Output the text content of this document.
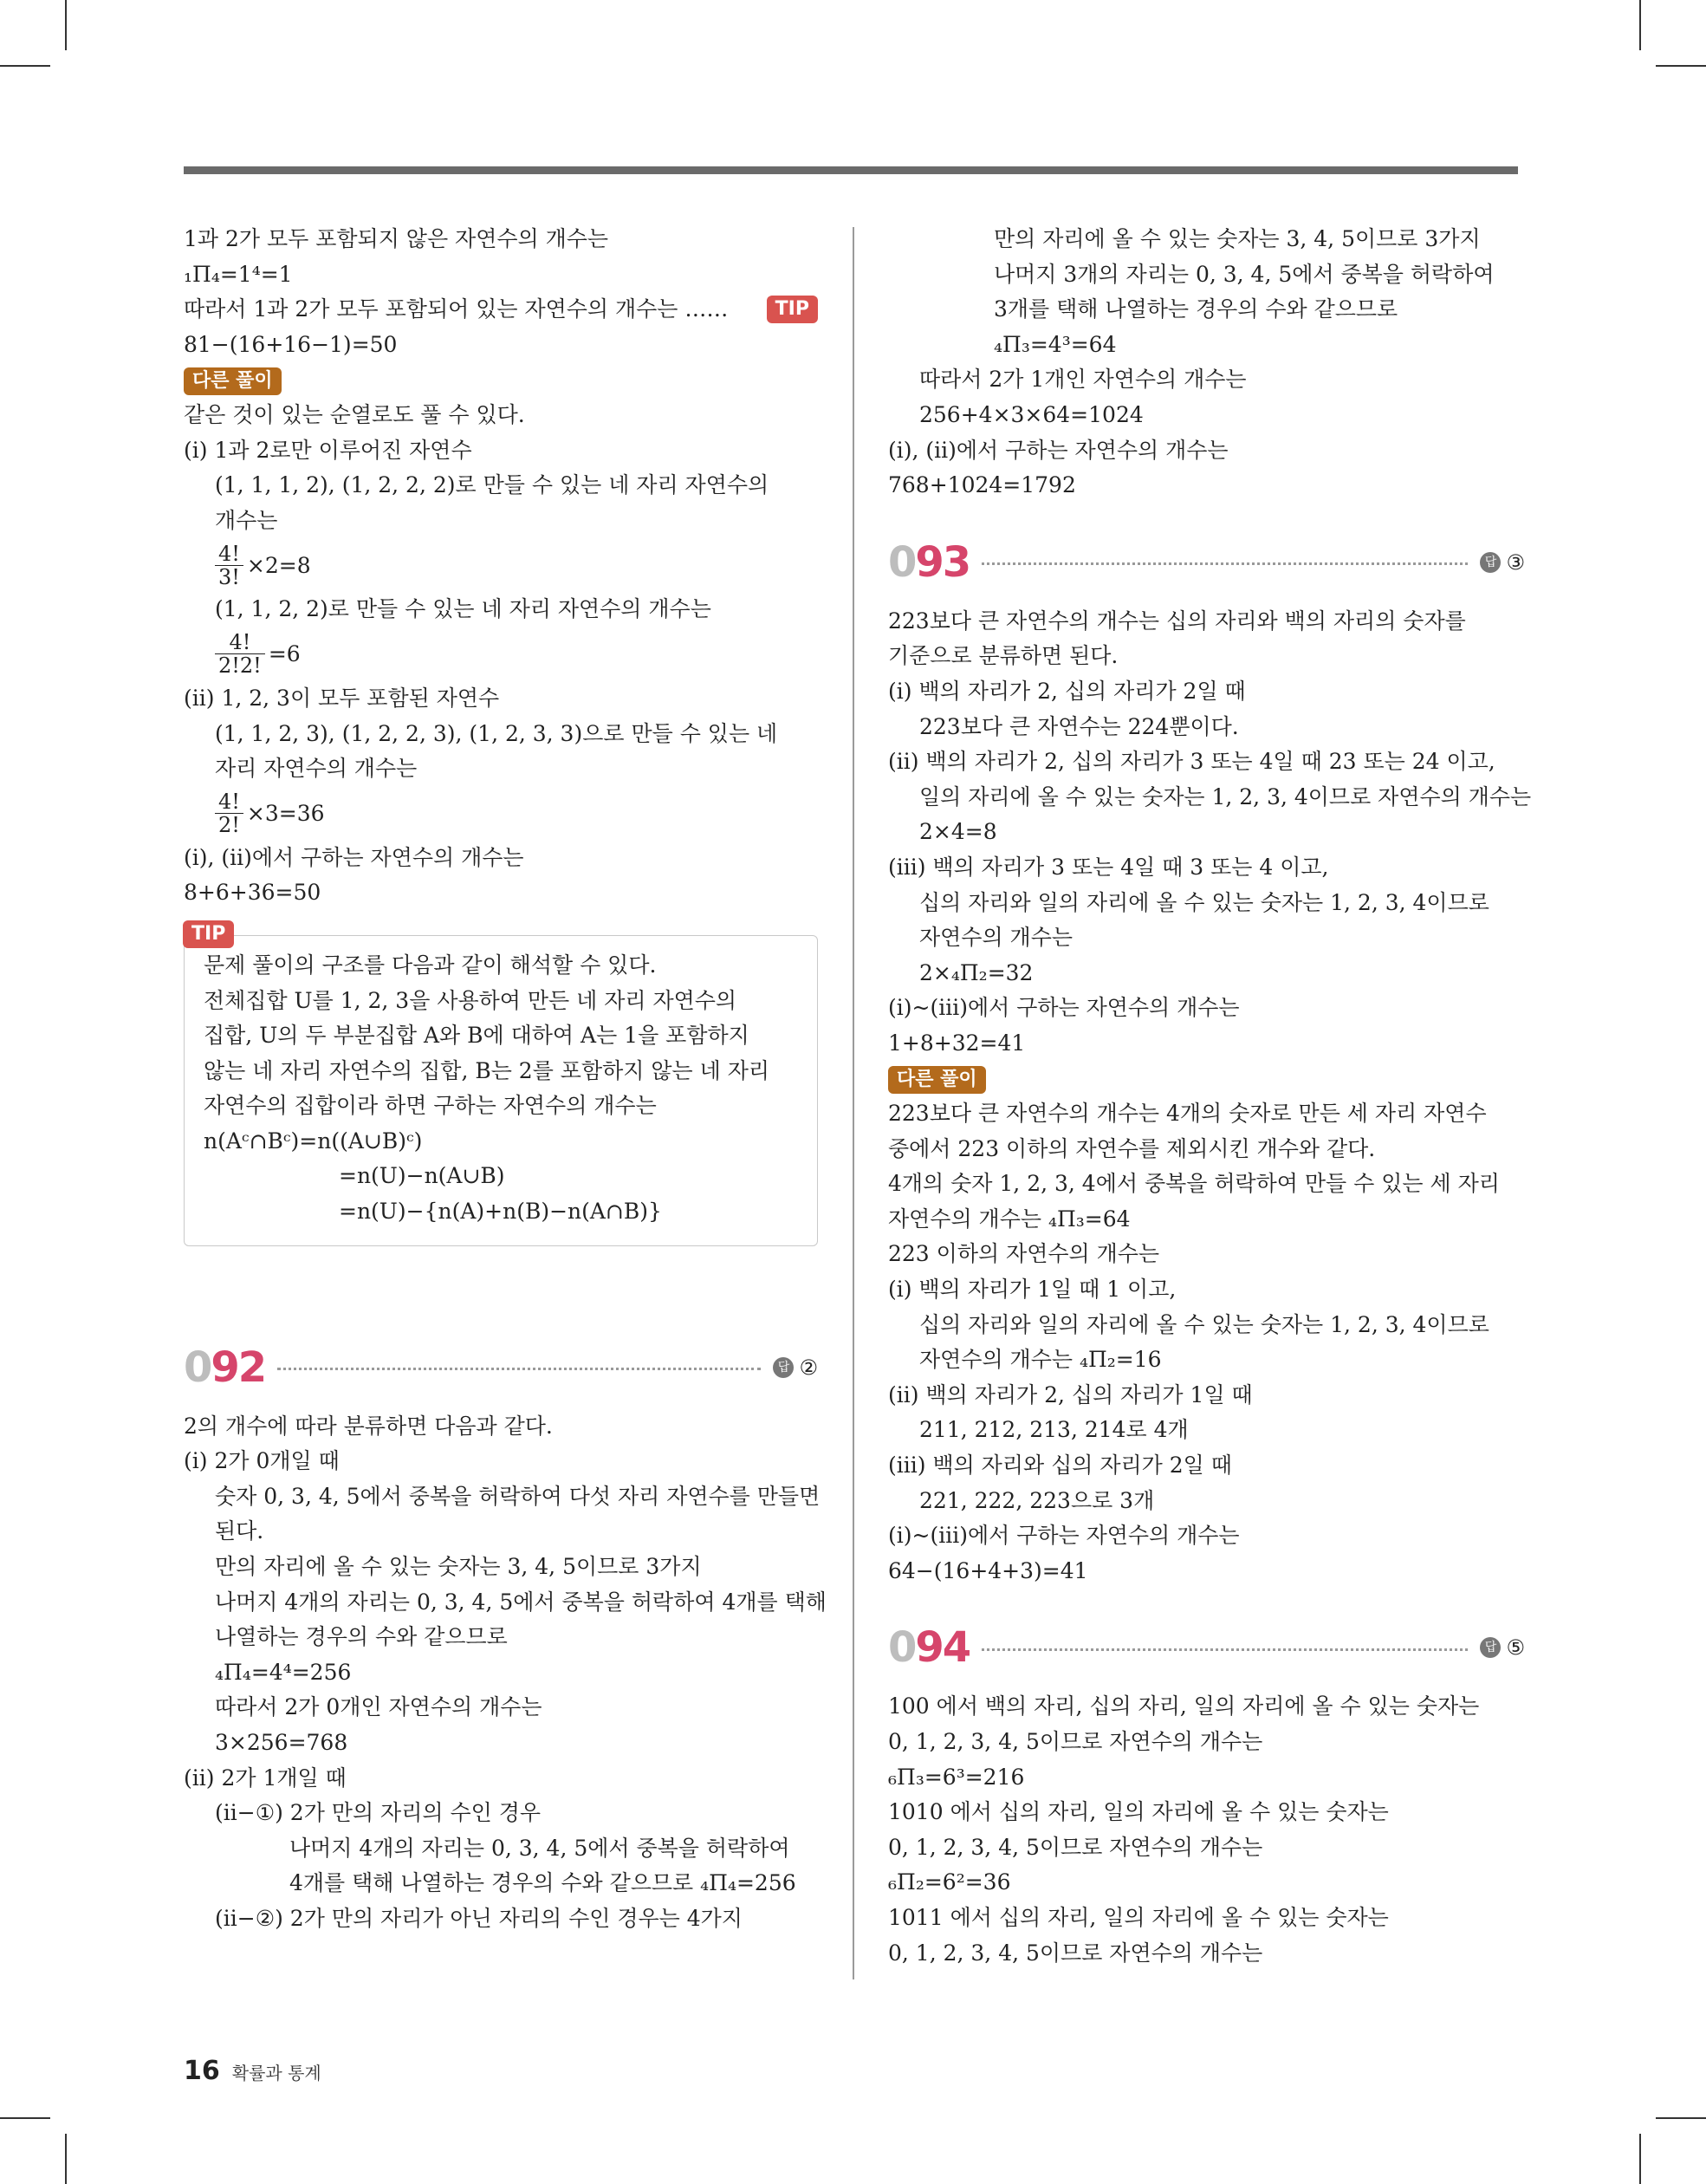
1과 2가 모두 포함되지 않은 자연수의 개수는
₁Π₄=1⁴=1
따라서 1과 2가 모두 포함되어 있는 자연수의 개수는 ……	TIP
81−(16+16−1)=50
다른 풀이
같은 것이 있는 순열로도 풀 수 있다.
(ⅰ) 1과 2로만 이루어진 자연수
(1, 1, 1, 2), (1, 2, 2, 2)로 만들 수 있는 네 자리 자연수의
개수는
$\frac{4!}{3!} \times 2=8$
(1, 1, 2, 2)로 만들 수 있는 네 자리 자연수의 개수는
$\frac{4!}{2!2!} =6$
(ⅱ) 1, 2, 3이 모두 포함된 자연수
(1, 1, 2, 3), (1, 2, 2, 3), (1, 2, 3, 3)으로 만들 수 있는 네
자리 자연수의 개수는
$\frac{4!}{2!} \times 3=36$
(ⅰ), (ⅱ)에서 구하는 자연수의 개수는
8+6+36=50
TIP
문제 풀이의 구조를 다음과 같이 해석할 수 있다.
전체집합 U를 1, 2, 3을 사용하여 만든 네 자리 자연수의
집합, U의 두 부분집합 A와 B에 대하여 A는 1을 포함하지
않는 네 자리 자연수의 집합, B는 2를 포함하지 않는 네 자리
자연수의 집합이라 하면 구하는 자연수의 개수는
n(Aᶜ∩Bᶜ)=n((A∪B)ᶜ)
=n(U)−n(A∪B)
=n(U)−{n(A)+n(B)−n(A∩B)}
092	답 ②
2의 개수에 따라 분류하면 다음과 같다.
(ⅰ) 2가 0개일 때
숫자 0, 3, 4, 5에서 중복을 허락하여 다섯 자리 자연수를 만들면
된다.
만의 자리에 올 수 있는 숫자는 3, 4, 5이므로 3가지
나머지 4개의 자리는 0, 3, 4, 5에서 중복을 허락하여 4개를 택해
나열하는 경우의 수와 같으므로
₄Π₄=4⁴=256
따라서 2가 0개인 자연수의 개수는
3×256=768
(ⅱ) 2가 1개일 때
(ⅱ−①) 2가 만의 자리의 수인 경우
나머지 4개의 자리는 0, 3, 4, 5에서 중복을 허락하여
4개를 택해 나열하는 경우의 수와 같으므로 ₄Π₄=256
(ⅱ−②) 2가 만의 자리가 아닌 자리의 수인 경우는 4가지
만의 자리에 올 수 있는 숫자는 3, 4, 5이므로 3가지
나머지 3개의 자리는 0, 3, 4, 5에서 중복을 허락하여
3개를 택해 나열하는 경우의 수와 같으므로
₄Π₃=4³=64
따라서 2가 1개인 자연수의 개수는
256+4×3×64=1024
(ⅰ), (ⅱ)에서 구하는 자연수의 개수는
768+1024=1792
093	답 ③
223보다 큰 자연수의 개수는 십의 자리와 백의 자리의 숫자를
기준으로 분류하면 된다.
(ⅰ) 백의 자리가 2, 십의 자리가 2일 때
223보다 큰 자연수는 224뿐이다.
(ⅱ) 백의 자리가 2, 십의 자리가 3 또는 4일 때 23 또는 24 이고,
일의 자리에 올 수 있는 숫자는 1, 2, 3, 4이므로 자연수의 개수는
2×4=8
(ⅲ) 백의 자리가 3 또는 4일 때 3 또는 4 이고,
십의 자리와 일의 자리에 올 수 있는 숫자는 1, 2, 3, 4이므로
자연수의 개수는
2×₄Π₂=32
(ⅰ)~(ⅲ)에서 구하는 자연수의 개수는
1+8+32=41
다른 풀이
223보다 큰 자연수의 개수는 4개의 숫자로 만든 세 자리 자연수
중에서 223 이하의 자연수를 제외시킨 개수와 같다.
4개의 숫자 1, 2, 3, 4에서 중복을 허락하여 만들 수 있는 세 자리
자연수의 개수는 ₄Π₃=64
223 이하의 자연수의 개수는
(ⅰ) 백의 자리가 1일 때 1 이고,
십의 자리와 일의 자리에 올 수 있는 숫자는 1, 2, 3, 4이므로
자연수의 개수는 ₄Π₂=16
(ⅱ) 백의 자리가 2, 십의 자리가 1일 때
211, 212, 213, 214로 4개
(ⅲ) 백의 자리와 십의 자리가 2일 때
221, 222, 223으로 3개
(ⅰ)~(ⅲ)에서 구하는 자연수의 개수는
64−(16+4+3)=41
094	답 ⑤
100 에서 백의 자리, 십의 자리, 일의 자리에 올 수 있는 숫자는
0, 1, 2, 3, 4, 5이므로 자연수의 개수는
₆Π₃=6³=216
1010 에서 십의 자리, 일의 자리에 올 수 있는 숫자는
0, 1, 2, 3, 4, 5이므로 자연수의 개수는
₆Π₂=6²=36
1011 에서 십의 자리, 일의 자리에 올 수 있는 숫자는
0, 1, 2, 3, 4, 5이므로 자연수의 개수는
16 확률과 통계
